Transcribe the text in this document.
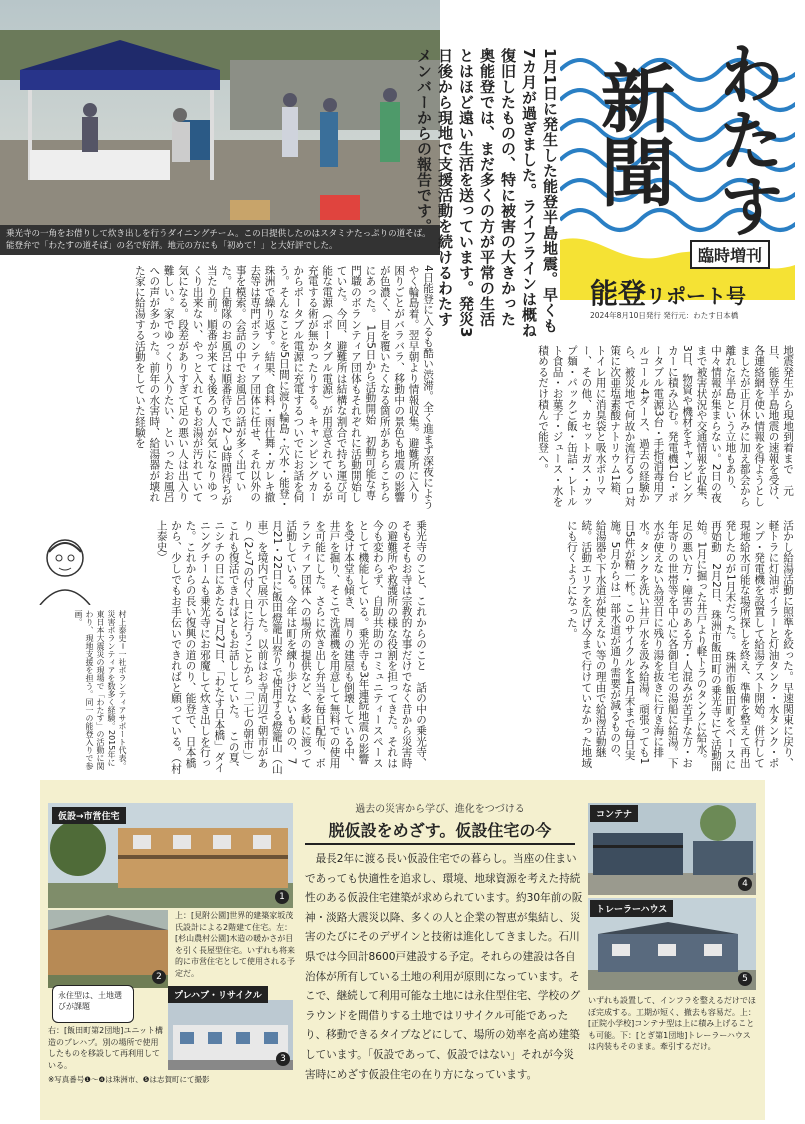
乗光寺の一角をお借りして炊き出しを行うダイニングチーム。この日提供したのはスタミナたっぷりの道そば。能登弁で「わたすの道そば」の名で好評。地元の方にも「初めて！」と大好評でした。	1月1日に発生した能登半島地震。早くも7カ月が過ぎました。ライフラインは概ね復旧したものの、特に被害の大きかった奥能登では、まだ多くの方が平常の生活とはほど遠い生活を送っています。発災3日後から現地で支援活動を続けるわたすメンバーからの報告です。	わたす
新聞
臨時増刊
能登リポート号
2024年8月10日発行 発行元：わたす日本橋
地震発生から現地到着まで　元旦、能登半島地震の速報を受け、各連絡網を使い情報を得ようとしましたが正月休みに加え都会から離れた半島という立地もあり、中々情報が集まらない。2日の夜まで被害状況や交通情報を収集、3日、物資や機材をキャンピングカーに積み込む。発電機1台・ポータブル電源3台・手指消毒用アルコール4ダース、過去の経験から、被災地で何故か流行るノロ対策に次亜塩素酸ナトリウム1箱、トイレ用に消臭袋と吸水ポリマー、その他、カセットガス・カップ麺・パックご飯・缶詰・レトルト食品・お菓子・ジュース・水を積めるだけ積んで能登へ。
4日能登に入るも酷い渋滞。全く進まず深夜にようやく輪島着。翌早朝より情報収集。避難所に入り困りごとがバラバラ、移動中の景色も地震の影響が色濃く、目を覆いたくなる箇所があちらこちらにあった。　1月5日から活動開始　初動可能な専門職のボランティア団体もそれぞれに活動開始していた。今回、避難所は結構な割合で持ち運び可能な電源（ポータブル電源）が用意されているが充電する術が無かったりする。キャンピングカーからポータブル電源に充電するついでにお話を伺う。そんなことを5日間に渡り輪島・穴水・能登・珠洲で繰り返す。結果、食料・雨仕舞・ガレキ撤去等は専門ボランティア団体に任せ、それ以外の事を模索。会話の中でお風呂の話が多く出ていた。自衛隊のお風呂は順番待ちで2〜3時間待ちが当たり前。順番が来ても後ろの人が気になりゆっくり出来ない、やっと入れてもお湯が汚れていて気になる。段差がありすぎて足の悪い人は出入り難しい。家でゆっくり入りたい、といったお風呂への声が多かった。前年の水害時、給湯器が壊れた家に給湯する活動をしていた経験を
活かし給湯活動に照準を絞った。早速関東に戻り、軽トラに灯油ボイラーと灯油タンク・水タンク・ポンプ・発電機を設置して給湯テスト開始。併行して現地給水可能な場所探しを終え、準備を整えて再出発したのが1月末だった。　珠洲市飯田町をベースに再始動　2月2日、珠洲市飯田町の乗光寺にて活動開始。1月に掘った井戸より軽トラのタンクに給水。足の悪い方・障害のある方・人混みが苦手な方・お年寄りの世帯等を中心に各御自宅の湯船に給湯。下水が使えない為翌日に残り湯を抜きに行き海に排水。タンクを洗い井戸水を汲み給湯。頑張っても1日5件が精一杯。このサイクルを4月末まで毎日実施。5月からは一部水道が通り需要が減るものの、給湯器や下水道が使えない等の理由で給湯活動継続。活動エリアを広げ今まで行けていなかった地域にも行くようになった。
乗光寺のこと、これからのこと　話の中の乗光寺、そもそもお寺は宗教的な事だけでなく昔から災害時の避難所や救護所の様な役割を担ってきた。それは今も変わらず、自助共助のコミュニティースペースとして機能している。乗光寺も3年連続地震の影響を受け本堂も傾き、周りの建屋も倒壊している中、井戸を掘り、そこで洗濯機を用意して無料での使用を可能にした。さらに炊き出し弁当を毎日配布、ボランティア団体への場所の提供など、多岐に渡って活動している。今年は町を練り歩けないものの、7月21・22日に飯田燈籠山祭りで使用する燈籠山（山車）を境内で展示した。以前はお寺周辺で朝市があり（2と7の付く日に行うことから「二七の朝市」）これも復活できればともお話ししていた。　この夏、ニシチの日にあたる7月27日、「わたす日本橋」ダイニングチームも乗光寺にお邪魔して炊き出しを行った。これからの長い復興の道のり、能登で、日本橋から、少しでもお手伝いできればと願っている。（村上泰史）
村上泰史＝一社ボランティアサポート代表。災害ボランティアを数多く経験。2015年に東日本大震災の現場で「わたす」の活動に関わり、現地支援を担う。同一の能登入りで参画。
仮設→市営住宅
1
2
上：[見附公園]世界的建築家坂茂氏設計による2階建て住宅。左：[杉山農村公園]木造の暖かさが目を引く長屋型住宅。いずれも将来的に市営住宅として使用される予定だ。
永住型は、土地選びが課題
プレハブ・リサイクル
3
右：[飯田町第2団地]ユニット構造のプレハブ。別の場所で使用したものを移設して再利用している。
※写真番号❶〜❹は珠洲市、❺は志賀町にて撮影
過去の災害から学び、進化をつづける
脱仮設をめざす。仮設住宅の今
最長2年に渡る長い仮設住宅での暮らし。当座の住まいであっても快適性を追求し、環境、地球資源を考えた持続性のある仮設住宅建築が求められています。約30年前の阪神・淡路大震災以降、多くの人と企業の智恵が集結し、災害のたびにそのデザインと技術は進化してきました。石川県では今回計8600戸建設する予定。それらの建設は各自治体が所有している土地の利用が原則になっています。そこで、継続して利用可能な土地には永住型住宅、学校のグラウンドを間借りする土地ではリサイクル可能であったり、移動できるタイプなどにして、場所の効率を高め建築しています。「仮設であって、仮設ではない」それが今災害時にめざす仮設住宅の在り方になっています。
コンテナ
4
トレーラーハウス
5
いずれも設置して、インフラを整えるだけでほぼ完成する。工期が短く、撤去も容易だ。上：[正院小学校]コンテナ型は上に積み上げることも可能。下：[とぎ第1団地]トレーラーハウスは内装もそのまま。牽引するだけ。
